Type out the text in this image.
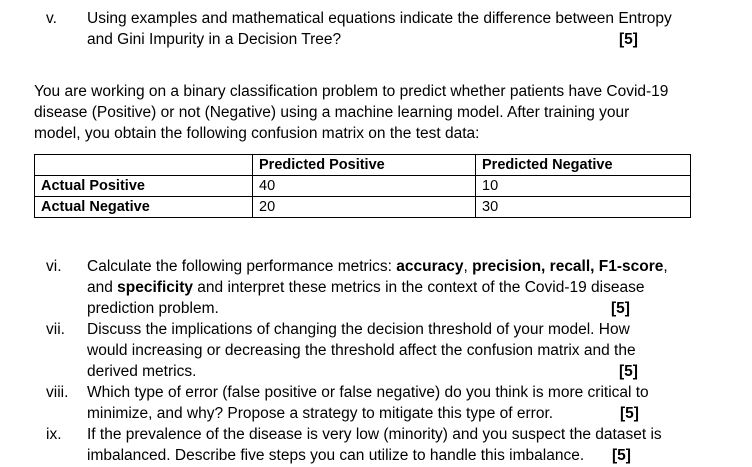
v.	Using examples and mathematical equations indicate the difference between Entropy
and Gini Impurity in a Decision Tree?	[5]
You are working on a binary classification problem to predict whether patients have Covid-19
disease (Positive) or not (Negative) using a machine learning model. After training your
model, you obtain the following confusion matrix on the test data:
	Predicted Positive	Predicted Negative
Actual Positive	40	10
Actual Negative	20	30
vi.	Calculate the following performance metrics: accuracy, precision, recall, F1-score,
and specificity and interpret these metrics in the context of the Covid-19 disease
prediction problem.	[5]
vii.	Discuss the implications of changing the decision threshold of your model. How
would increasing or decreasing the threshold affect the confusion matrix and the
derived metrics.	[5]
viii.	Which type of error (false positive or false negative) do you think is more critical to
minimize, and why? Propose a strategy to mitigate this type of error.	[5]
ix.	If the prevalence of the disease is very low (minority) and you suspect the dataset is
imbalanced. Describe five steps you can utilize to handle this imbalance.	[5]
